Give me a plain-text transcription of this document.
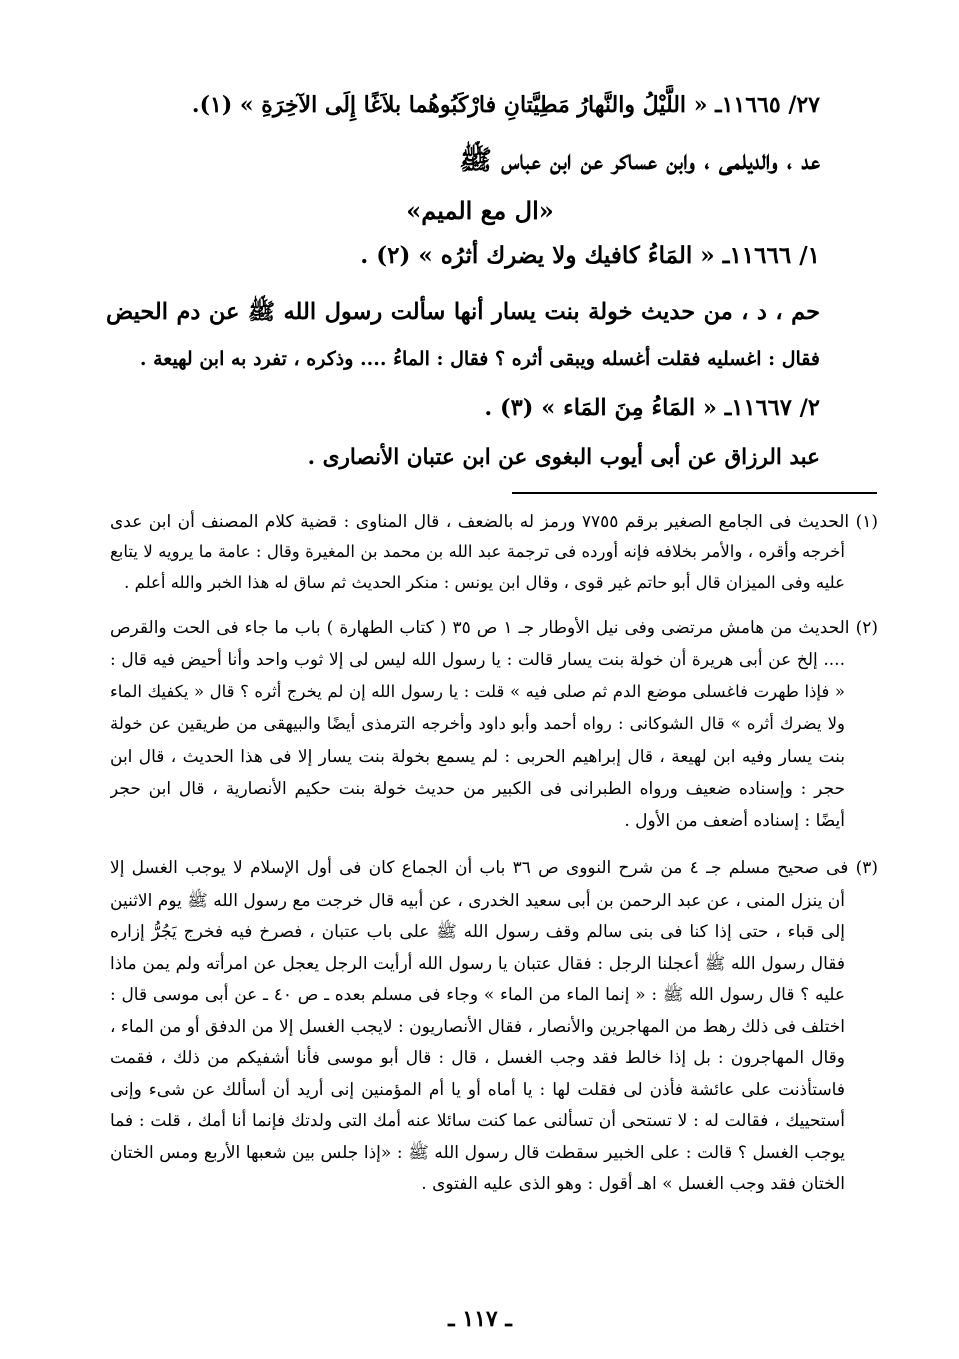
٢٧/ ١١٦٦٥ـ « اللَّيْلُ والنَّهارُ مَطِيَّتانِ فارْكَبُوهُما بلاَغًا إِلَى الآخِرَةِ » (١).
عد ، والديلمى ، وابن عساكر عن ابن عباس ﷺ
«ال مع الميم»
١/ ١١٦٦٦ـ « المَاءُ كافيك ولا يضرك أثرُه » (٢) .
حم ، د ، من حديث خولة بنت يسار أنها سألت رسول الله ﷺ عن دم الحيض
فقال : اغسليه فقلت أغسله ويبقى أثره ؟ فقال : الماءُ .... وذكره ، تفرد به ابن لهيعة .
٢/ ١١٦٦٧ـ « المَاءُ مِنَ المَاء » (٣) .
عبد الرزاق عن أبى أيوب البغوى عن ابن عتبان الأنصارى .
(١) الحديث فى الجامع الصغير برقم ٧٧٥٥ ورمز له بالضعف ، قال المناوى : قضية كلام المصنف أن ابن عدى
أخرجه وأقره ، والأمر بخلافه فإنه أورده فى ترجمة عبد الله بن محمد بن المغيرة وقال : عامة ما يرويه لا يتابع
عليه وفى الميزان قال أبو حاتم غير قوى ، وقال ابن يونس : منكر الحديث ثم ساق له هذا الخبر والله أعلم .
(٢) الحديث من هامش مرتضى وفى نيل الأوطار جـ ١ ص ٣٥ ( كتاب الطهارة ) باب ما جاء فى الحت والقرص
.... إلخ عن أبى هريرة أن خولة بنت يسار قالت : يا رسول الله ليس لى إلا ثوب واحد وأنا أحيض فيه قال :
« فإذا طهرت فاغسلى موضع الدم ثم صلى فيه » قلت : يا رسول الله إن لم يخرج أثره ؟ قال « يكفيك الماء
ولا يضرك أثره » قال الشوكانى : رواه أحمد وأبو داود وأخرجه الترمذى أيضًا والبيهقى من طريقين عن خولة
بنت يسار وفيه ابن لهيعة ، قال إبراهيم الحربى : لم يسمع بخولة بنت يسار إلا فى هذا الحديث ، قال ابن
حجر : وإسناده ضعيف ورواه الطبرانى فى الكبير من حديث خولة بنت حكيم الأنصارية ، قال ابن حجر
أيضًا : إسناده أضعف من الأول .
(٣) فى صحيح مسلم جـ ٤ من شرح النووى ص ٣٦ باب أن الجماع كان فى أول الإسلام لا يوجب الغسل إلا
أن ينزل المنى ، عن عبد الرحمن بن أبى سعيد الخدرى ، عن أبيه قال خرجت مع رسول الله ﷺ يوم الاثنين
إلى قباء ، حتى إذا كنا فى بنى سالم وقف رسول الله ﷺ على باب عتبان ، فصرخ فيه فخرج يَجُرُّ إزاره
فقال رسول الله ﷺ أعجلنا الرجل : فقال عتبان يا رسول الله أرأيت الرجل يعجل عن امرأته ولم يمن ماذا
عليه ؟ قال رسول الله ﷺ : « إنما الماء من الماء » وجاء فى مسلم بعده ـ ص ٤٠ ـ عن أبى موسى قال :
اختلف فى ذلك رهط من المهاجرين والأنصار ، فقال الأنصاريون : لايجب الغسل إلا من الدفق أو من الماء ،
وقال المهاجرون : بل إذا خالط فقد وجب الغسل ، قال : قال أبو موسى فأنا أشفيكم من ذلك ، فقمت
فاستأذنت على عائشة فأذن لى فقلت لها : يا أماه أو يا أم المؤمنين إنى أريد أن أسألك عن شىء وإنى
أستحييك ، فقالت له : لا تستحى أن تسألنى عما كنت سائلا عنه أمك التى ولدتك فإنما أنا أمك ، قلت : فما
يوجب الغسل ؟ قالت : على الخبير سقطت قال رسول الله ﷺ : «إذا جلس بين شعبها الأربع ومس الختان
الختان فقد وجب الغسل » اهـ أقول : وهو الذى عليه الفتوى .
ـ ١١٧ ـ
